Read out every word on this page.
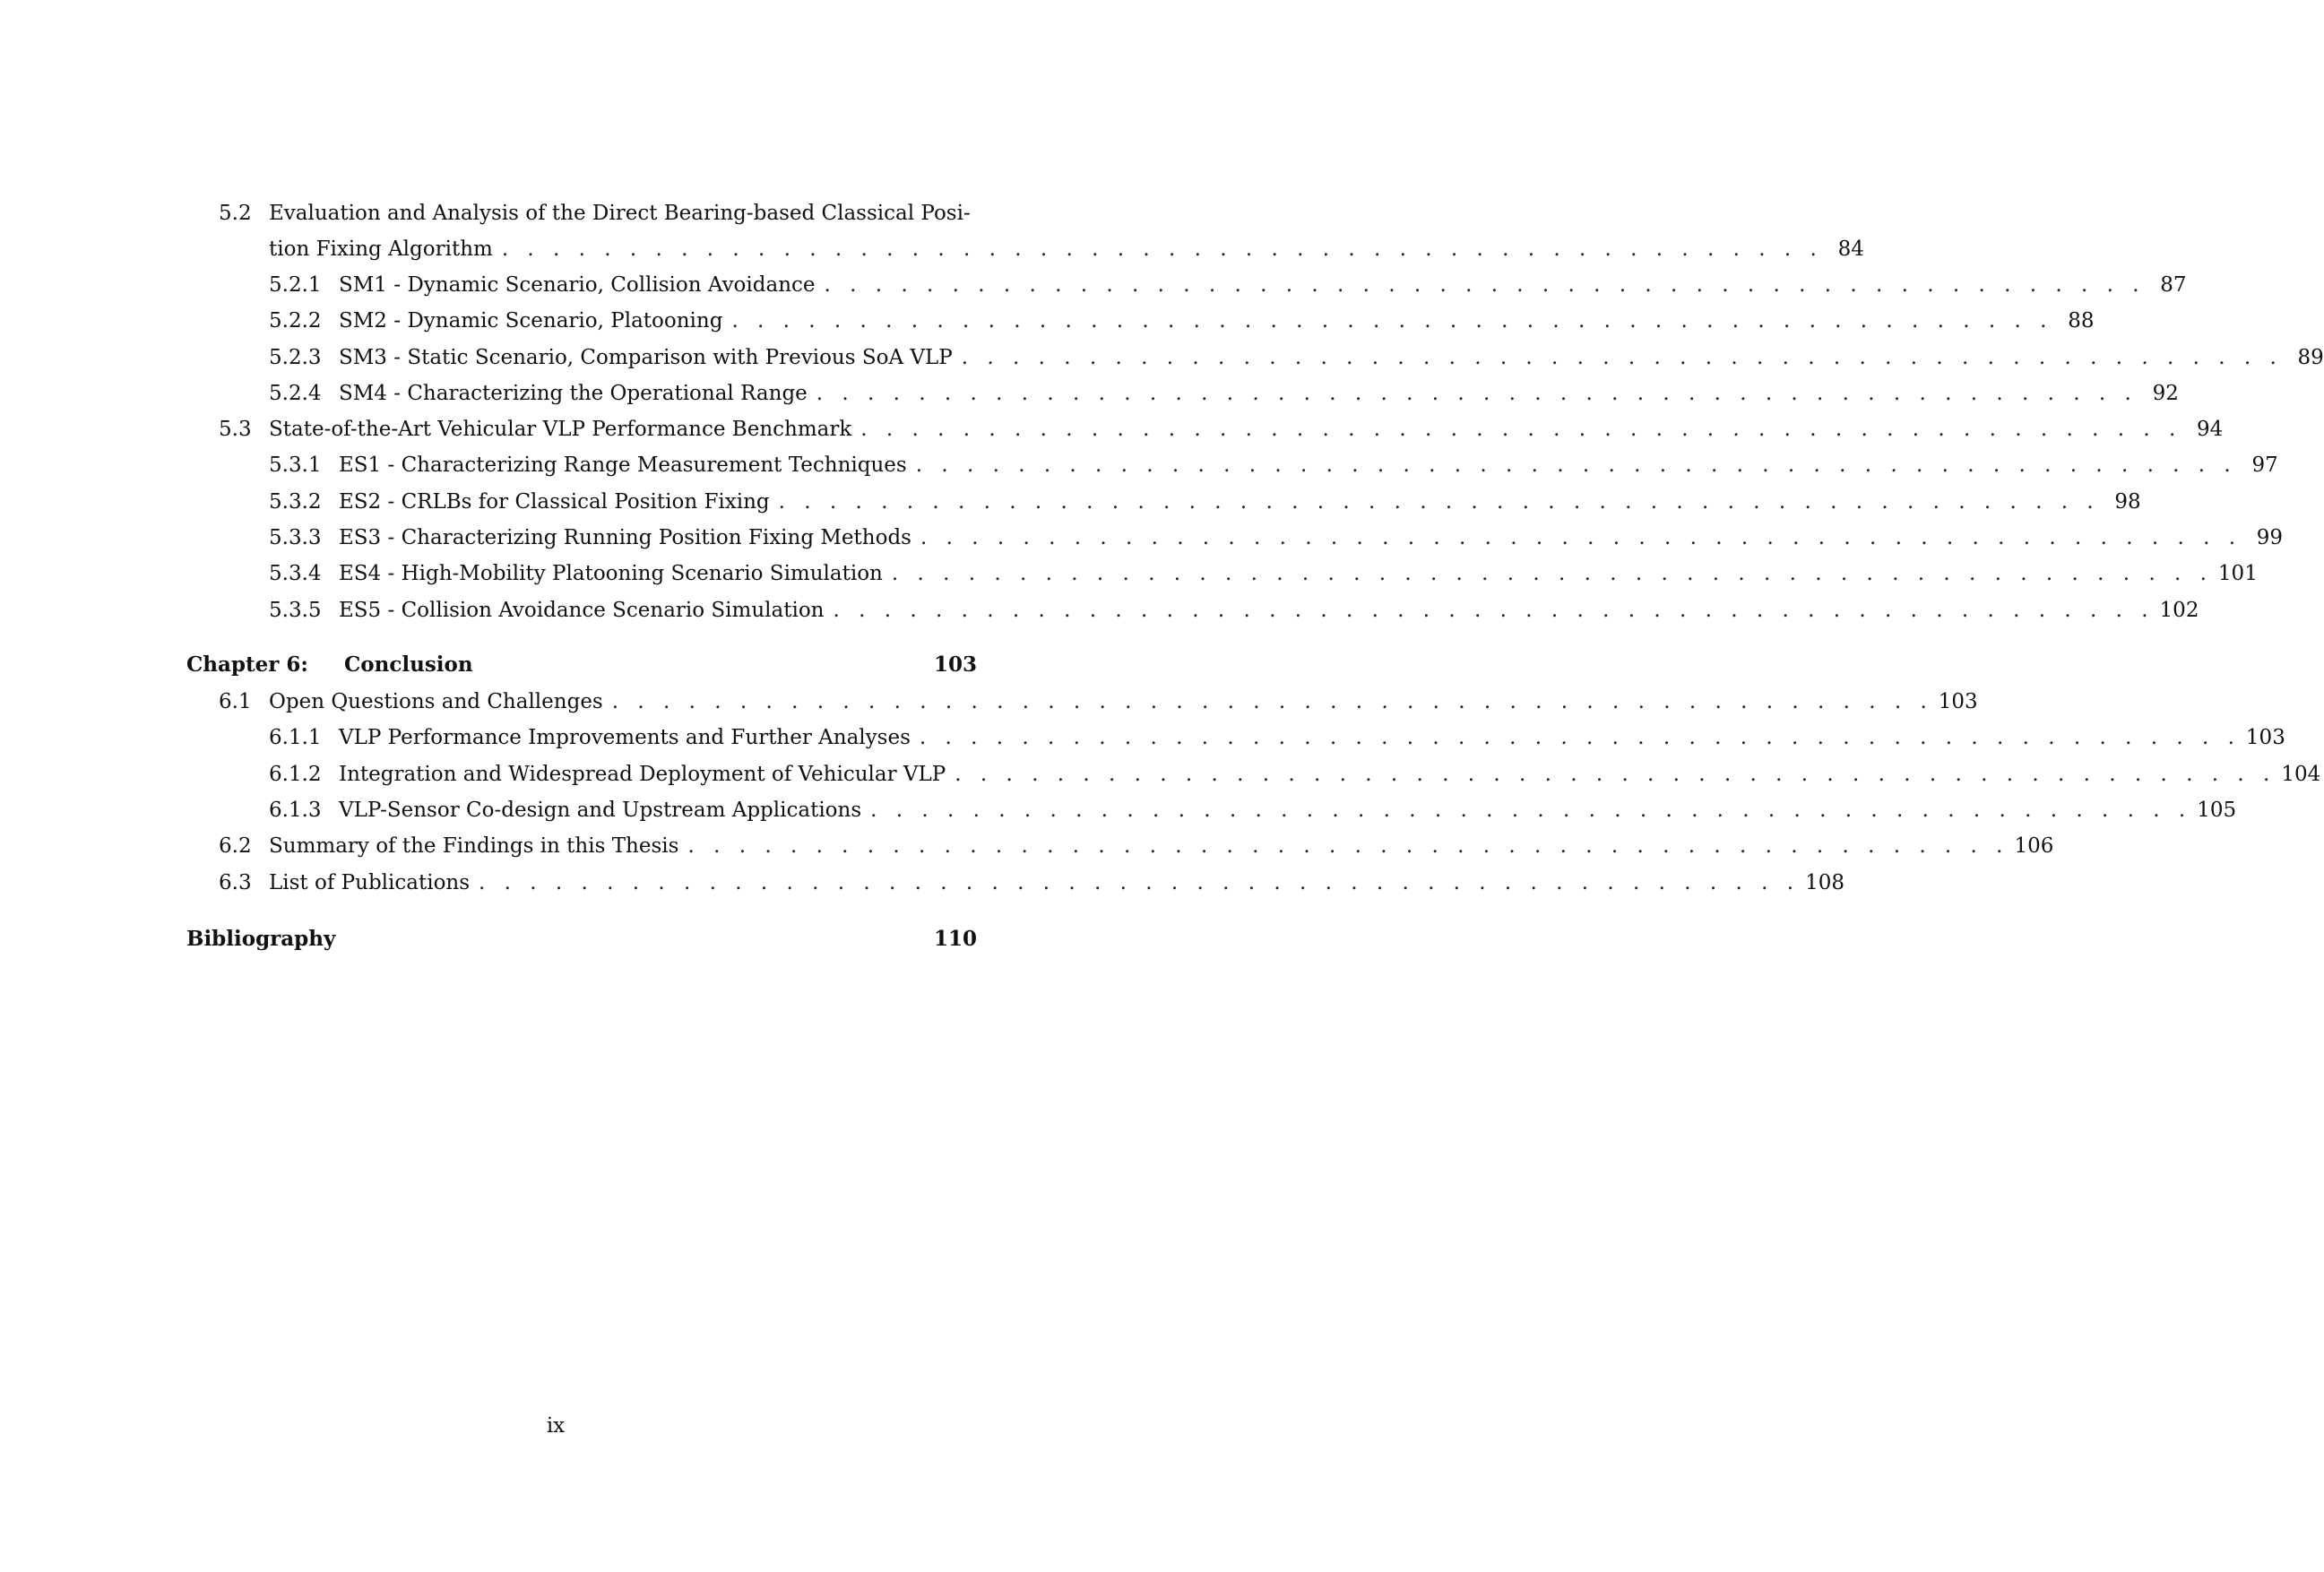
5.2 Evaluation and Analysis of the Direct Bearing-based Classical Posi-
tion Fixing Algorithm . . . . . . . . . . . . . . . . . . . . . . . . . . . . . . . . . . . . . . . . . . . . . . . . . . . . 84
5.2.1 SM1 - Dynamic Scenario, Collision Avoidance . . . . . . . . . . . . . . . . . . . . . . . . . . . . . . . . . . . . . . . . . . . . . . . . . . . . 87
5.2.2 SM2 - Dynamic Scenario, Platooning . . . . . . . . . . . . . . . . . . . . . . . . . . . . . . . . . . . . . . . . . . . . . . . . . . . . 88
5.2.3 SM3 - Static Scenario, Comparison with Previous SoA VLP . . . . . . . . . . . . . . . . . . . . . . . . . . . . . . . . . . . . . . . . . . . . . . . . . . . . 89
5.2.4 SM4 - Characterizing the Operational Range . . . . . . . . . . . . . . . . . . . . . . . . . . . . . . . . . . . . . . . . . . . . . . . . . . . . 92
5.3 State-of-the-Art Vehicular VLP Performance Benchmark . . . . . . . . . . . . . . . . . . . . . . . . . . . . . . . . . . . . . . . . . . . . . . . . . . . . 94
5.3.1 ES1 - Characterizing Range Measurement Techniques . . . . . . . . . . . . . . . . . . . . . . . . . . . . . . . . . . . . . . . . . . . . . . . . . . . . 97
5.3.2 ES2 - CRLBs for Classical Position Fixing . . . . . . . . . . . . . . . . . . . . . . . . . . . . . . . . . . . . . . . . . . . . . . . . . . . . 98
5.3.3 ES3 - Characterizing Running Position Fixing Methods . . . . . . . . . . . . . . . . . . . . . . . . . . . . . . . . . . . . . . . . . . . . . . . . . . . . 99
5.3.4 ES4 - High-Mobility Platooning Scenario Simulation . . . . . . . . . . . . . . . . . . . . . . . . . . . . . . . . . . . . . . . . . . . . . . . . . . . . 101
5.3.5 ES5 - Collision Avoidance Scenario Simulation . . . . . . . . . . . . . . . . . . . . . . . . . . . . . . . . . . . . . . . . . . . . . . . . . . . . 102
Chapter 6: Conclusion	103
6.1 Open Questions and Challenges . . . . . . . . . . . . . . . . . . . . . . . . . . . . . . . . . . . . . . . . . . . . . . . . . . . . 103
6.1.1 VLP Performance Improvements and Further Analyses . . . . . . . . . . . . . . . . . . . . . . . . . . . . . . . . . . . . . . . . . . . . . . . . . . . . 103
6.1.2 Integration and Widespread Deployment of Vehicular VLP . . . . . . . . . . . . . . . . . . . . . . . . . . . . . . . . . . . . . . . . . . . . . . . . . . . . 104
6.1.3 VLP-Sensor Co-design and Upstream Applications . . . . . . . . . . . . . . . . . . . . . . . . . . . . . . . . . . . . . . . . . . . . . . . . . . . . 105
6.2 Summary of the Findings in this Thesis . . . . . . . . . . . . . . . . . . . . . . . . . . . . . . . . . . . . . . . . . . . . . . . . . . . . 106
6.3 List of Publications . . . . . . . . . . . . . . . . . . . . . . . . . . . . . . . . . . . . . . . . . . . . . . . . . . . . 108
Bibliography	110
ix
